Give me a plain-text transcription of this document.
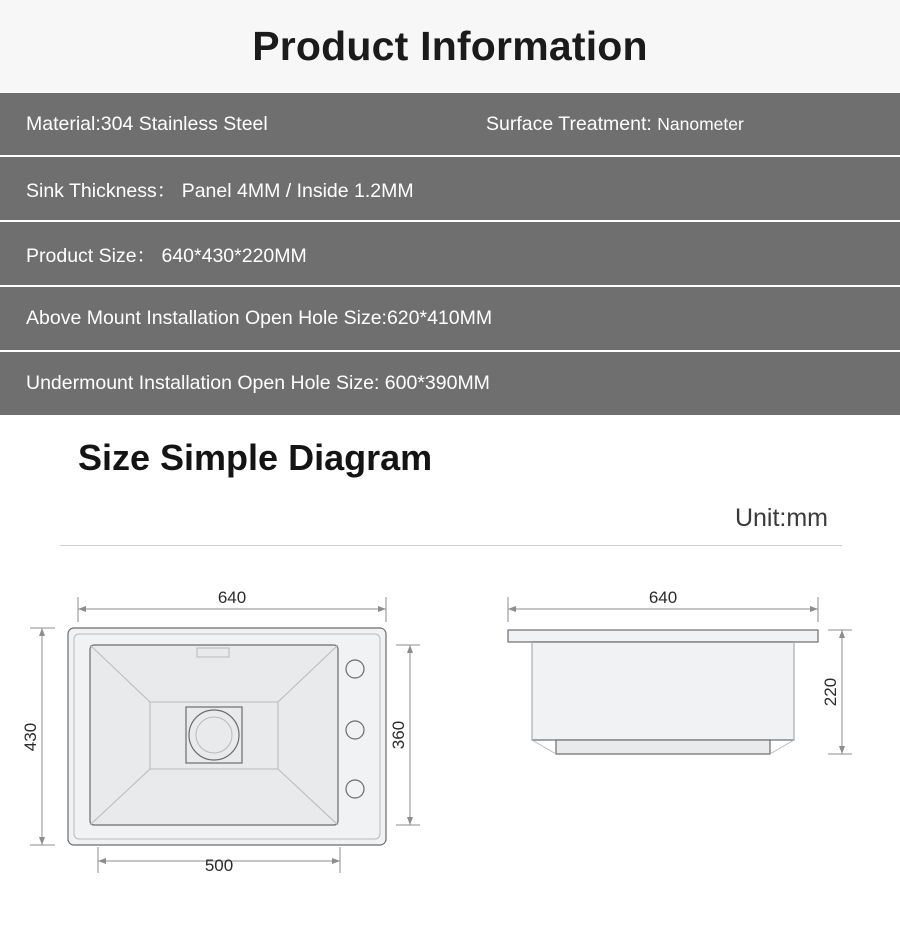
Product Information
Material:304 Stainless Steel	Surface Treatment: Nanometer
Sink Thickness： Panel 4MM / Inside 1.2MM
Product Size： 640*430*220MM
Above Mount Installation Open Hole Size:620*410MM
Undermount Installation Open Hole Size: 600*390MM
Size Simple Diagram
Unit:mm
640
430	360
500
640
220
